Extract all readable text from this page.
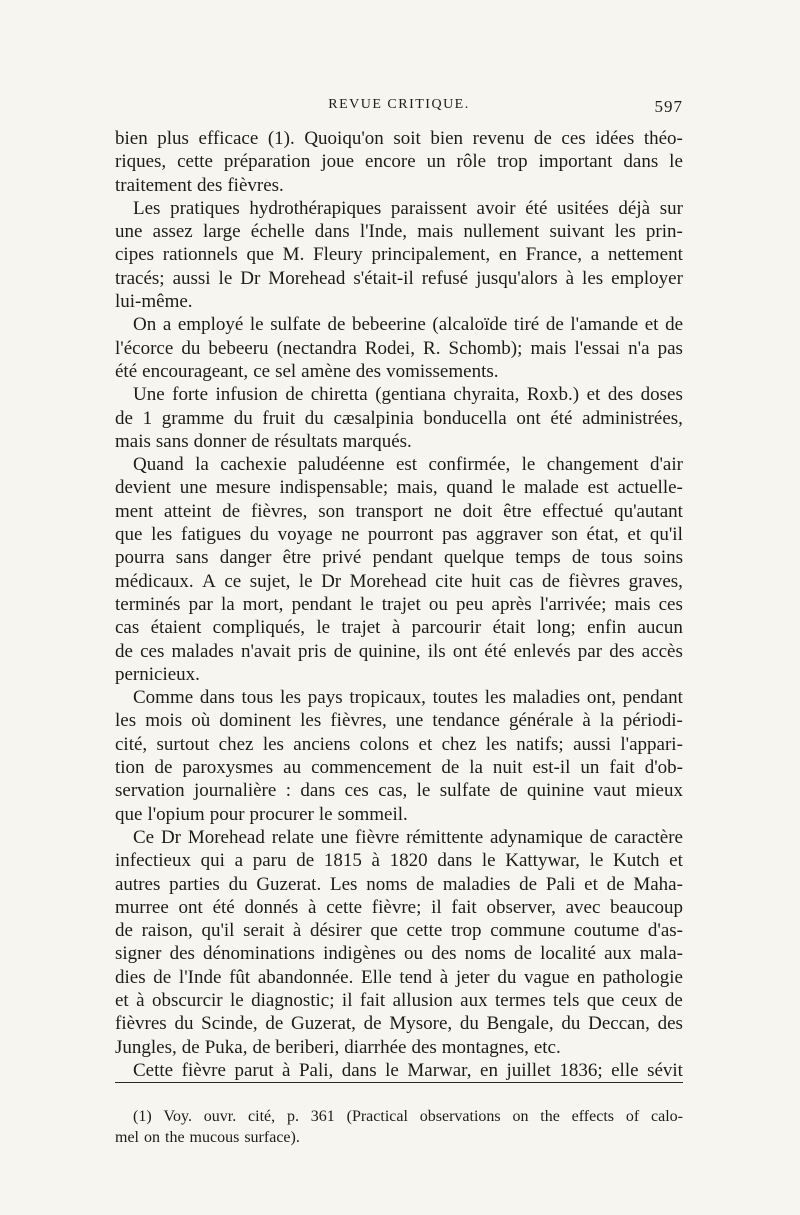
REVUE CRITIQUE.	597
bien plus efficace (1). Quoiqu'on soit bien revenu de ces idées théo-
riques, cette préparation joue encore un rôle trop important dans le
traitement des fièvres.
Les pratiques hydrothérapiques paraissent avoir été usitées déjà sur
une assez large échelle dans l'Inde, mais nullement suivant les prin-
cipes rationnels que M. Fleury principalement, en France, a nettement
tracés; aussi le Dr Morehead s'était-il refusé jusqu'alors à les employer
lui-même.
On a employé le sulfate de bebeerine (alcaloïde tiré de l'amande et de
l'écorce du bebeeru (nectandra Rodei, R. Schomb); mais l'essai n'a pas
été encourageant, ce sel amène des vomissements.
Une forte infusion de chiretta (gentiana chyraita, Roxb.) et des doses
de 1 gramme du fruit du cæsalpinia bonducella ont été administrées,
mais sans donner de résultats marqués.
Quand la cachexie paludéenne est confirmée, le changement d'air
devient une mesure indispensable; mais, quand le malade est actuelle-
ment atteint de fièvres, son transport ne doit être effectué qu'autant
que les fatigues du voyage ne pourront pas aggraver son état, et qu'il
pourra sans danger être privé pendant quelque temps de tous soins
médicaux. A ce sujet, le Dr Morehead cite huit cas de fièvres graves,
terminés par la mort, pendant le trajet ou peu après l'arrivée; mais ces
cas étaient compliqués, le trajet à parcourir était long; enfin aucun
de ces malades n'avait pris de quinine, ils ont été enlevés par des accès
pernicieux.
Comme dans tous les pays tropicaux, toutes les maladies ont, pendant
les mois où dominent les fièvres, une tendance générale à la périodi-
cité, surtout chez les anciens colons et chez les natifs; aussi l'appari-
tion de paroxysmes au commencement de la nuit est-il un fait d'ob-
servation journalière : dans ces cas, le sulfate de quinine vaut mieux
que l'opium pour procurer le sommeil.
Ce Dr Morehead relate une fièvre rémittente adynamique de caractère
infectieux qui a paru de 1815 à 1820 dans le Kattywar, le Kutch et
autres parties du Guzerat. Les noms de maladies de Pali et de Maha-
murree ont été donnés à cette fièvre; il fait observer, avec beaucoup
de raison, qu'il serait à désirer que cette trop commune coutume d'as-
signer des dénominations indigènes ou des noms de localité aux mala-
dies de l'Inde fût abandonnée. Elle tend à jeter du vague en pathologie
et à obscurcir le diagnostic; il fait allusion aux termes tels que ceux de
fièvres du Scinde, de Guzerat, de Mysore, du Bengale, du Deccan, des
Jungles, de Puka, de beriberi, diarrhée des montagnes, etc.
Cette fièvre parut à Pali, dans le Marwar, en juillet 1836; elle sévit
(1) Voy. ouvr. cité, p. 361 (Practical observations on the effects of calo-
mel on the mucous surface).
